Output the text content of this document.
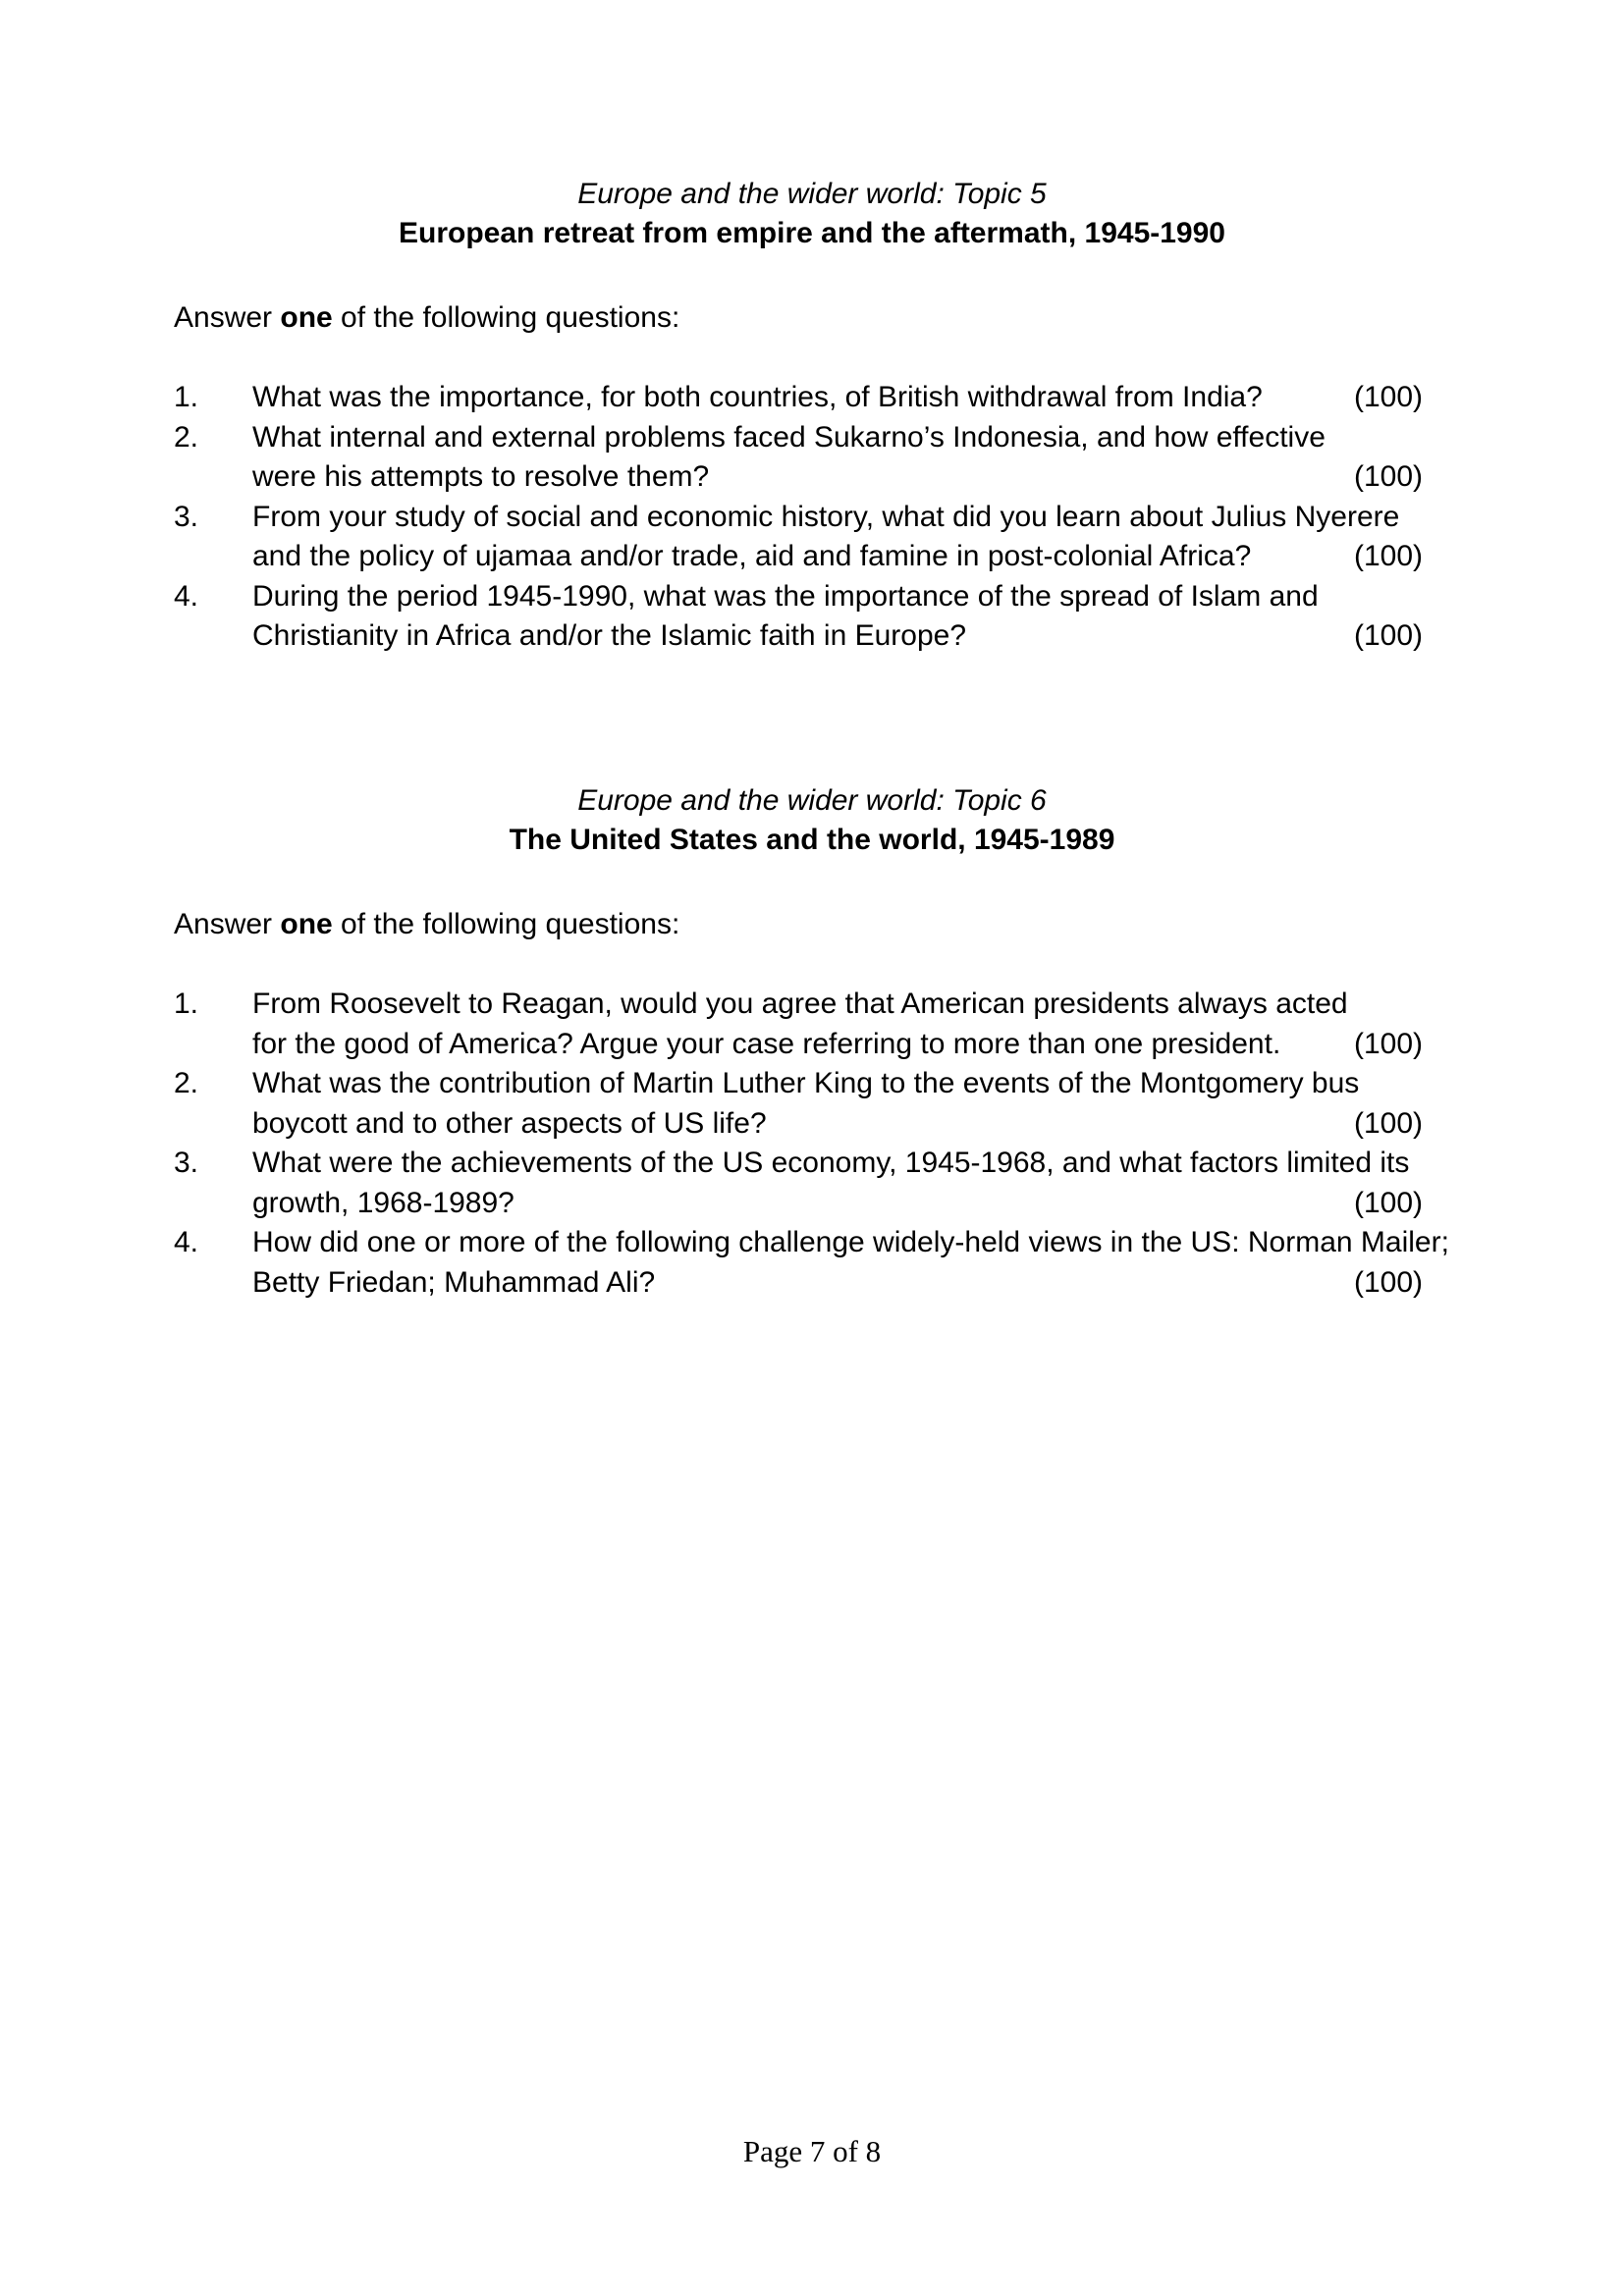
Europe and the wider world: Topic 5
European retreat from empire and the aftermath, 1945-1990
Answer one of the following questions:
1. What was the importance, for both countries, of British withdrawal from India?	(100)
2. What internal and external problems faced Sukarno’s Indonesia, and how effective
were his attempts to resolve them?	(100)
3. From your study of social and economic history, what did you learn about Julius Nyerere
and the policy of ujamaa and/or trade, aid and famine in post-colonial Africa?	(100)
4. During the period 1945-1990, what was the importance of the spread of Islam and
Christianity in Africa and/or the Islamic faith in Europe?	(100)
Europe and the wider world: Topic 6
The United States and the world, 1945-1989
Answer one of the following questions:
1. From Roosevelt to Reagan, would you agree that American presidents always acted
for the good of America? Argue your case referring to more than one president.	(100)
2. What was the contribution of Martin Luther King to the events of the Montgomery bus
boycott and to other aspects of US life?	(100)
3. What were the achievements of the US economy, 1945-1968, and what factors limited its
growth, 1968-1989?	(100)
4. How did one or more of the following challenge widely-held views in the US: Norman Mailer;
Betty Friedan; Muhammad Ali?	(100)
Page 7 of 8
